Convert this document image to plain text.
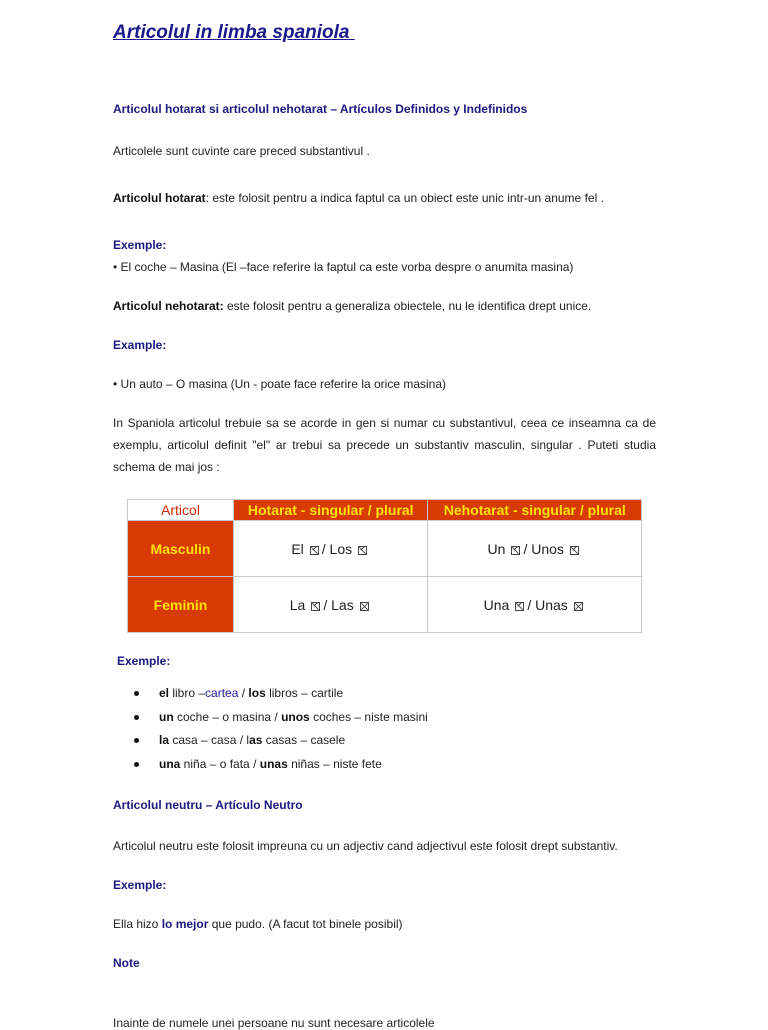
Articolul in limba spaniola
Articolul hotarat si articolul nehotarat – Artículos Definidos y Indefinidos
Articolele sunt cuvinte care preced substantivul .
Articolul hotarat: este folosit pentru a indica faptul ca un obiect este unic intr-un anume fel .
Exemple:
• El coche – Masina (El –face referire la faptul ca este vorba despre o anumita masina)
Articolul nehotarat: este folosit pentru a generaliza obiectele, nu le identifica drept unice.
Example:
• Un auto – O masina (Un - poate face referire la orice masina)
In Spaniola articolul trebuie sa se acorde in gen si numar cu substantivul, ceea ce inseamna ca de exemplu, articolul definit "el" ar trebui sa precede un substantiv masculin, singular . Puteti studia schema de mai jos :
Articol	Hotarat - singular / plural	Nehotarat - singular / plural
Masculin	El / Los	Un / Unos
Feminin	La / Las	Una / Unas
Exemple:
el libro –cartea / los libros – cartile
un coche – o masina / unos coches – niste masini
la casa – casa / las casas – casele
una niña – o fata / unas niñas – niste fete
Articolul neutru – Artículo Neutro
Articolul neutru este folosit impreuna cu un adjectiv cand adjectivul este folosit drept substantiv.
Exemple:
Ella hizo lo mejor que pudo. (A facut tot binele posibil)
Note
Inainte de numele unei persoane nu sunt necesare articolele
